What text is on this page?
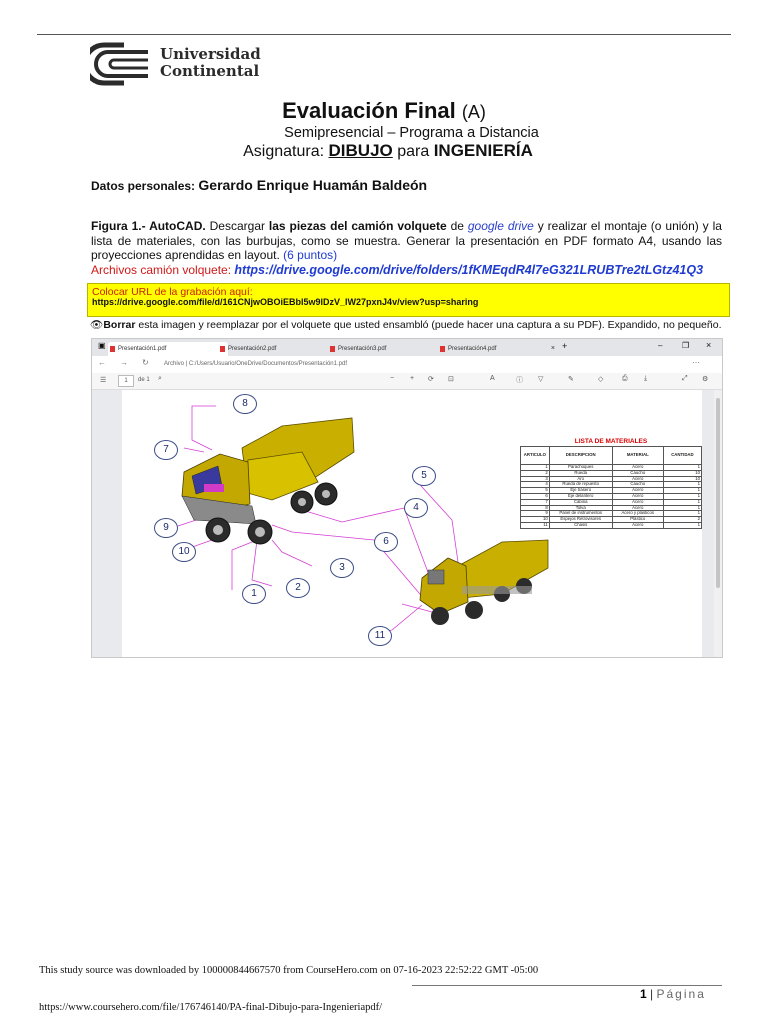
Universidad
Continental
Evaluación Final (A)
Semipresencial – Programa a Distancia
Asignatura: DIBUJO para INGENIERÍA
Datos personales: Gerardo Enrique Huamán Baldeón
Figura 1.- AutoCAD. Descargar las piezas del camión volquete de google drive y realizar el montaje (o unión) y la lista de materiales, con las burbujas, como se muestra. Generar la presentación en PDF formato A4, usando las proyecciones aprendidas en layout. (6 puntos)
Archivos camión volquete: https://drive.google.com/drive/folders/1fKMEqdR4l7eG321LRUBTre2tLGtz41Q3
Colocar URL de la grabación aquí:
https://drive.google.com/file/d/161CNjwOBOiEBbl5w9lDzV_IW27pxnJ4v/view?usp=sharing
👁Borrar esta imagen y reemplazar por el volquete que usted ensambló (puede hacer una captura a su PDF). Expandido, no pequeño.
▣	Presentación1.pdf	Presentación2.pdf	Presentación3.pdf	Presentación4.pdf	× +	– ❐ ×
← → ↻	Archivo | C:/Users/Usuario/OneDrive/Documentos/Presentación1.pdf	⋯
☰	1	de 1 ⌕	− + ⟳ ⊡	A	ⓘ ▽	✎	◇	⎙ ⤓	⤢ ⚙
8
7
9
10
1
2
3
6
4
5
11
LISTA DE MATERIALES
ARTICULO	DESCRIPCION	MATERIAL	CANTIDAD
1	Parachoques	Acero	1
2	Rueda	Caucho	10
3	Aro	Acero	10
4	Rueda de repuesto	Caucho	1
5	Eje trasero	Acero	1
6	Eje delantero	Acero	1
7	Cabina	Acero	1
8	Tolva	Acero	1
9	Panel de instrumentos	Acero y plasticos	1
10	Espejos Retrovisores	Plástico	2
11	Chasis	Acero	1
This study source was downloaded by 100000844667570 from CourseHero.com on 07-16-2023 22:52:22 GMT -05:00
1 | Página
https://www.coursehero.com/file/176746140/PA-final-Dibujo-para-Ingenieriapdf/
